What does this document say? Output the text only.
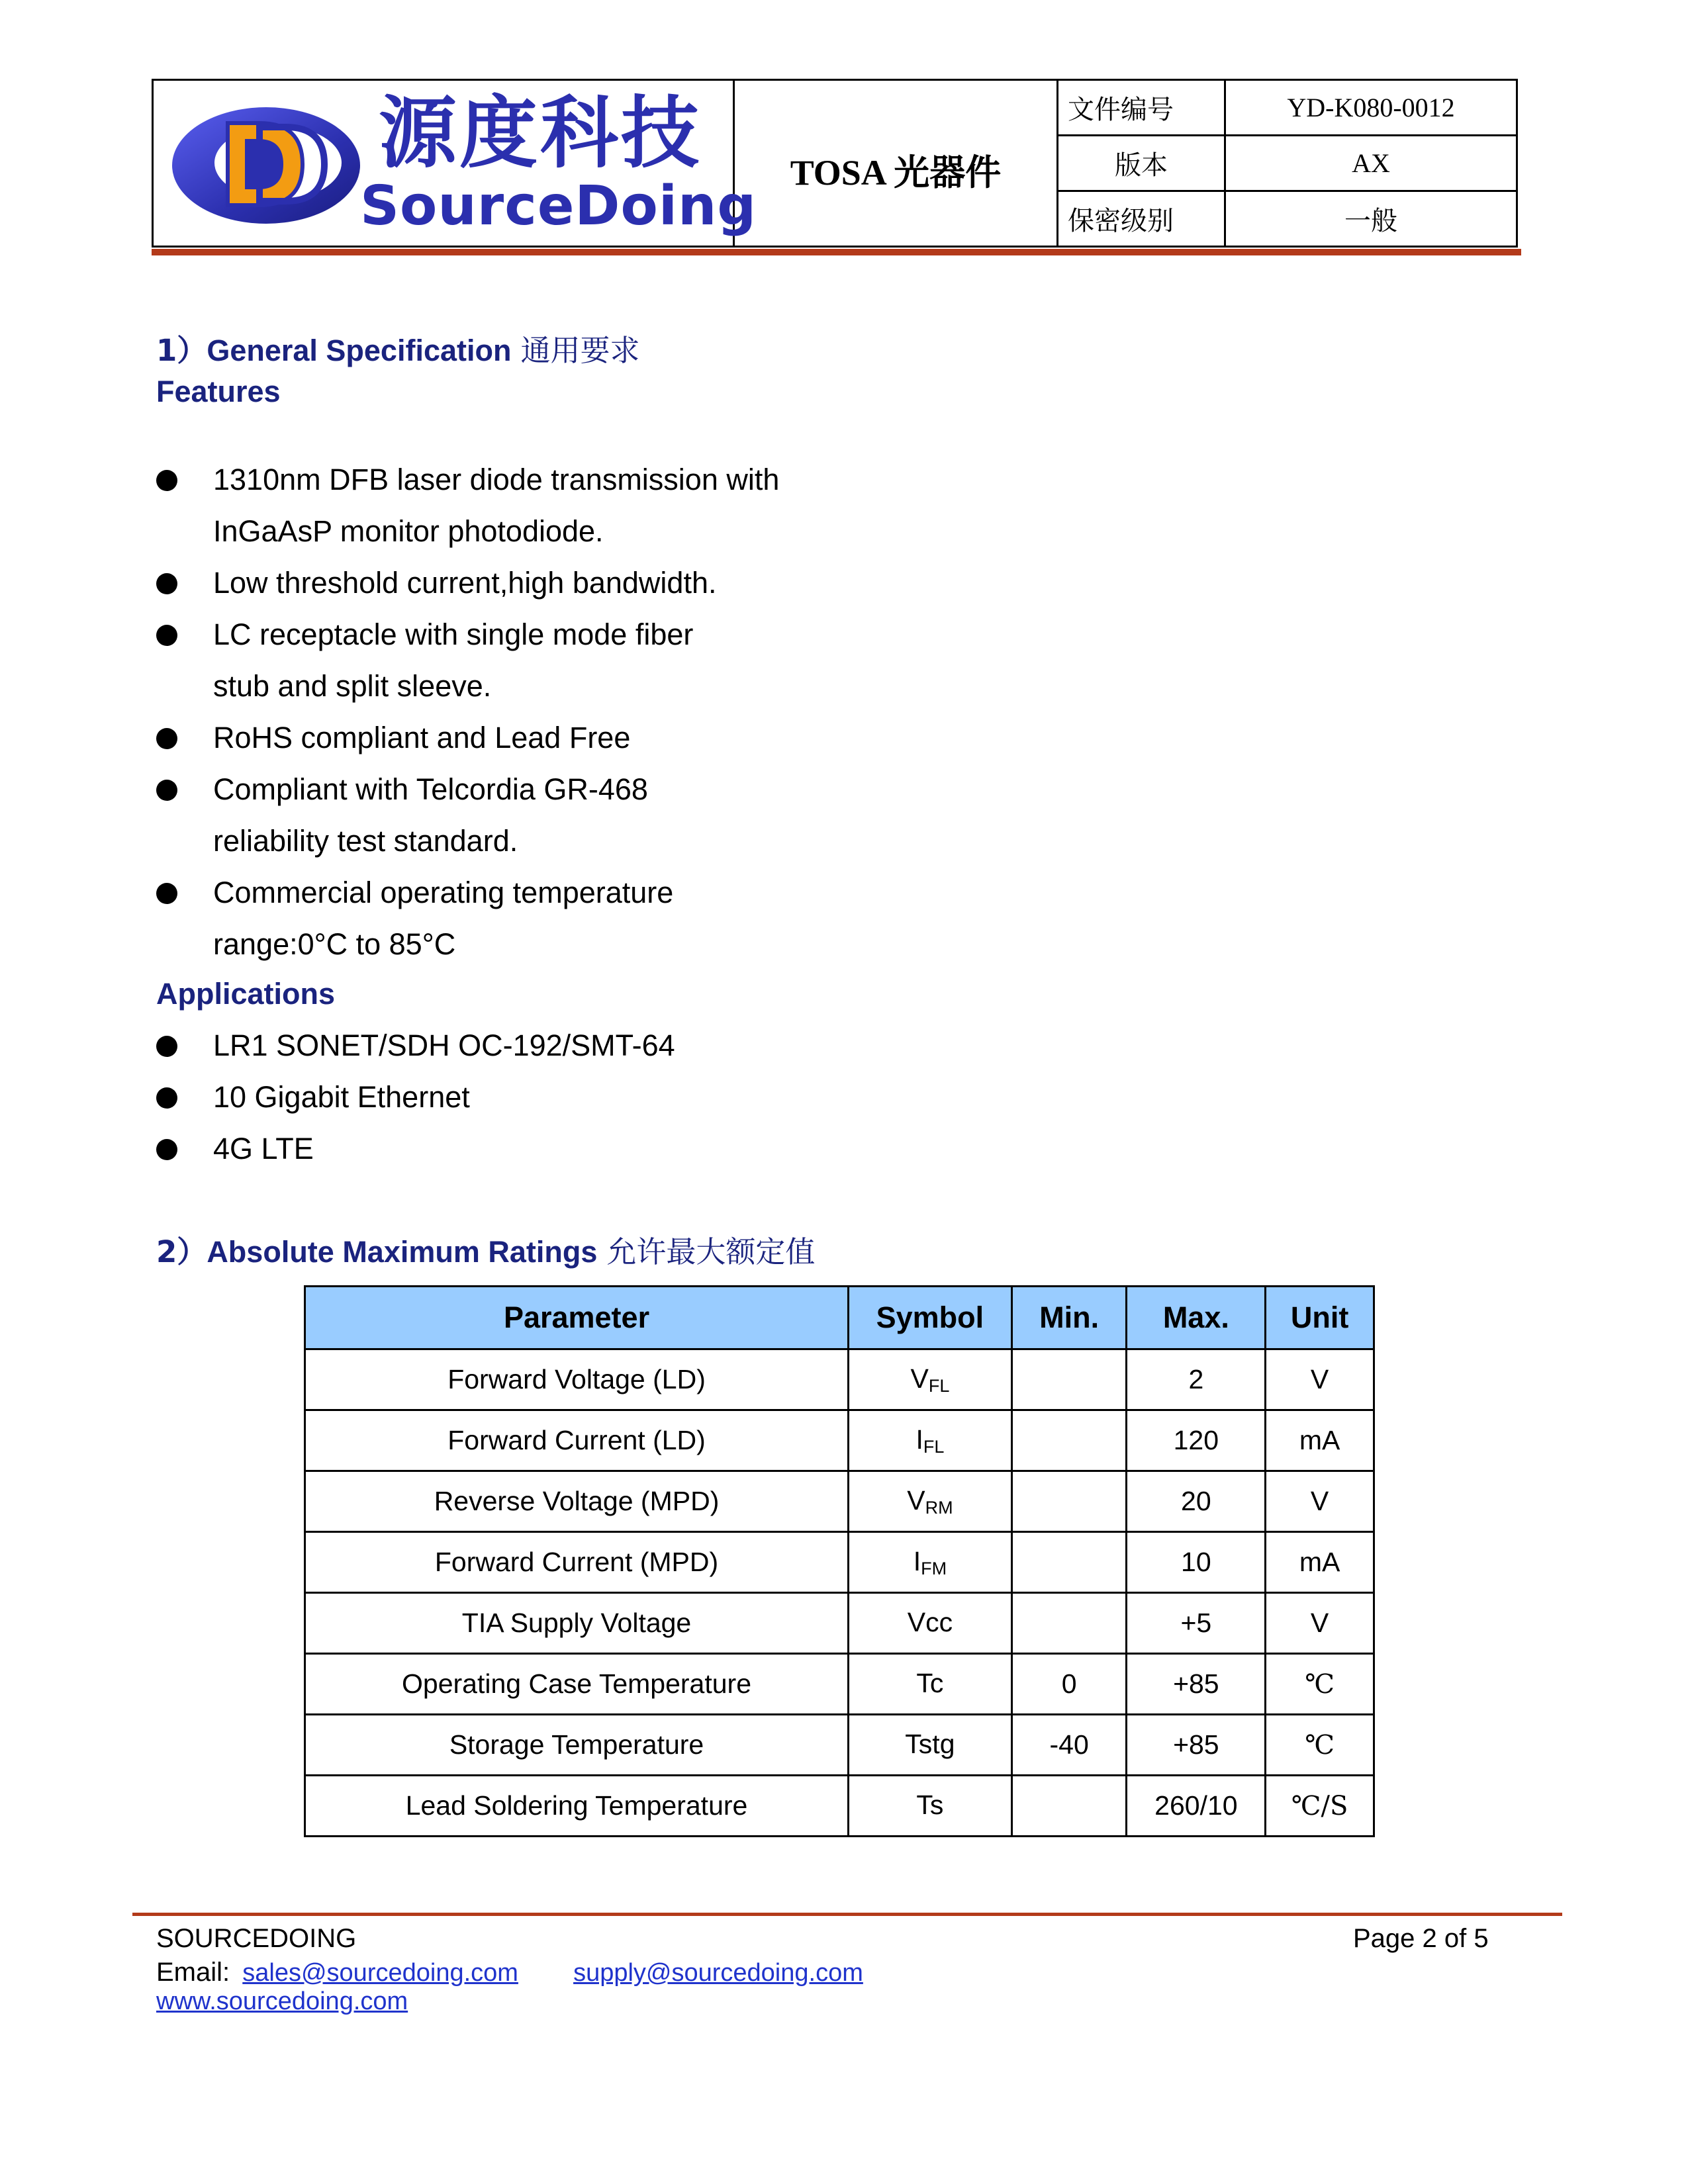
源度科技
SourceDoing
TOSA 光器件
文件编号	YD-K080-0012
版本	AX
保密级别	一般
1）General Specification 通用要求
Features
1310nm DFB laser diode transmission with
InGaAsP monitor photodiode.
Low threshold current,high bandwidth.
LC receptacle with single mode fiber
stub and split sleeve.
RoHS compliant and Lead Free
Compliant with Telcordia GR-468
reliability test standard.
Commercial operating temperature
range:0°C to 85°C
Applications
LR1 SONET/SDH OC-192/SMT-64
10 Gigabit Ethernet
4G LTE
2）Absolute Maximum Ratings 允许最大额定值
Parameter	Symbol	Min.	Max.	Unit
Forward Voltage (LD)	$V_{FL}$		2	V
Forward Current (LD)	$I_{FL}$		120	mA
Reverse Voltage (MPD)	$V_{RM}$		20	V
Forward Current (MPD)	$I_{FM}$		10	mA
TIA Supply Voltage	Vcc		+5	V
Operating Case Temperature	Tc	0	+85	℃
Storage Temperature	Tstg	-40	+85	℃
Lead Soldering Temperature	Ts		260/10	℃/S
SOURCEDOING	Page 2 of 5
Email: sales@sourcedoing.com supply@sourcedoing.com
www.sourcedoing.com
